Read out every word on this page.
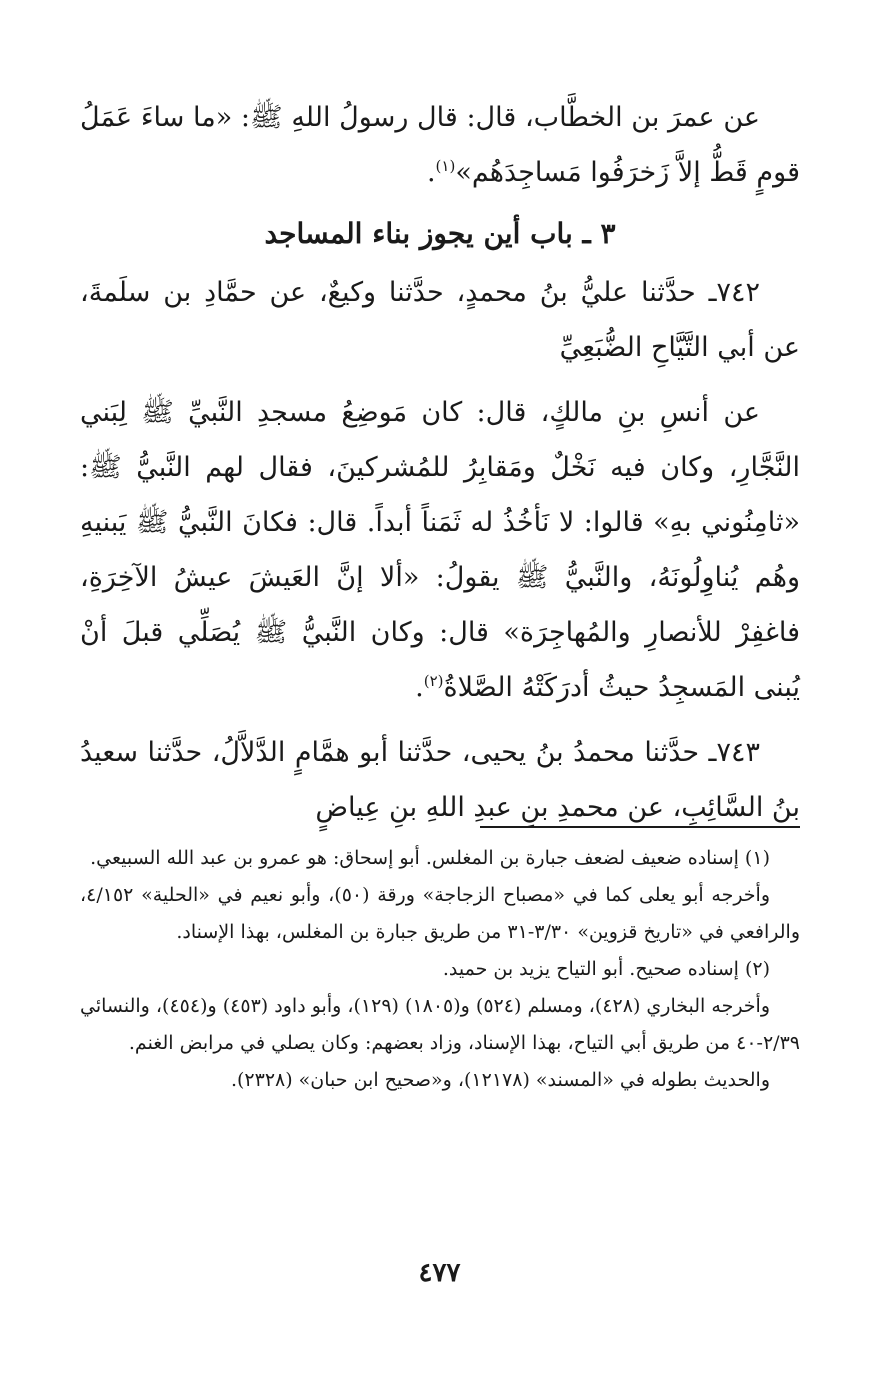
عن عمرَ بن الخطَّاب، قال: قال رسولُ اللهِ ﷺ: «ما ساءَ عَمَلُ قومٍ قَطُّ إلاَّ زَخرَفُوا مَساجِدَهُم»$^{(١)}$.

٣ ـ باب أين يجوز بناء المساجد

٧٤٢ـ حدَّثنا عليُّ بنُ محمدٍ، حدَّثنا وكيعٌ، عن حمَّادِ بن سلَمةَ، عن أبي التَّيَّاحِ الضُّبَعِيِّ

عن أنسِ بنِ مالكٍ، قال: كان مَوضِعُ مسجدِ النَّبيِّ ﷺ لِبَني النَّجَّارِ، وكان فيه نَخْلٌ ومَقابِرُ للمُشركينَ، فقال لهم النَّبيُّ ﷺ: «ثامِنُوني بهِ» قالوا: لا نَأخُذُ له ثَمَناً أبداً. قال: فكانَ النَّبيُّ ﷺ يَبنيهِ وهُم يُناوِلُونَهُ، والنَّبيُّ ﷺ يقولُ: «ألا إنَّ العَيشَ عيشُ الآخِرَةِ، فاغفِرْ للأنصارِ والمُهاجِرَة» قال: وكان النَّبيُّ ﷺ يُصَلِّي قبلَ أنْ يُبنى المَسجِدُ حيثُ أدرَكَتْهُ الصَّلاةُ$^{(٢)}$.

٧٤٣ـ حدَّثنا محمدُ بنُ يحيى، حدَّثنا أبو همَّامٍ الدَّلاَّلُ، حدَّثنا سعيدُ بنُ السَّائِبِ، عن محمدِ بنِ عبدِ اللهِ بنِ عِياضٍ

(١) إسناده ضعيف لضعف جبارة بن المغلس. أبو إسحاق: هو عمرو بن عبد الله السبيعي.

وأخرجه أبو يعلى كما في «مصباح الزجاجة» ورقة (٥٠)، وأبو نعيم في «الحلية» ٤/١٥٢، والرافعي في «تاريخ قزوين» ٣/٣٠-٣١ من طريق جبارة بن المغلس، بهذا الإسناد.

(٢) إسناده صحيح. أبو التياح يزيد بن حميد.

وأخرجه البخاري (٤٢٨)، ومسلم (٥٢٤) و(١٨٠٥) (١٢٩)، وأبو داود (٤٥٣) و(٤٥٤)، والنسائي ٢/٣٩-٤٠ من طريق أبي التياح، بهذا الإسناد، وزاد بعضهم: وكان يصلي في مرابض الغنم.

والحديث بطوله في «المسند» (١٢١٧٨)، و«صحيح ابن حبان» (٢٣٢٨).

٤٧٧
